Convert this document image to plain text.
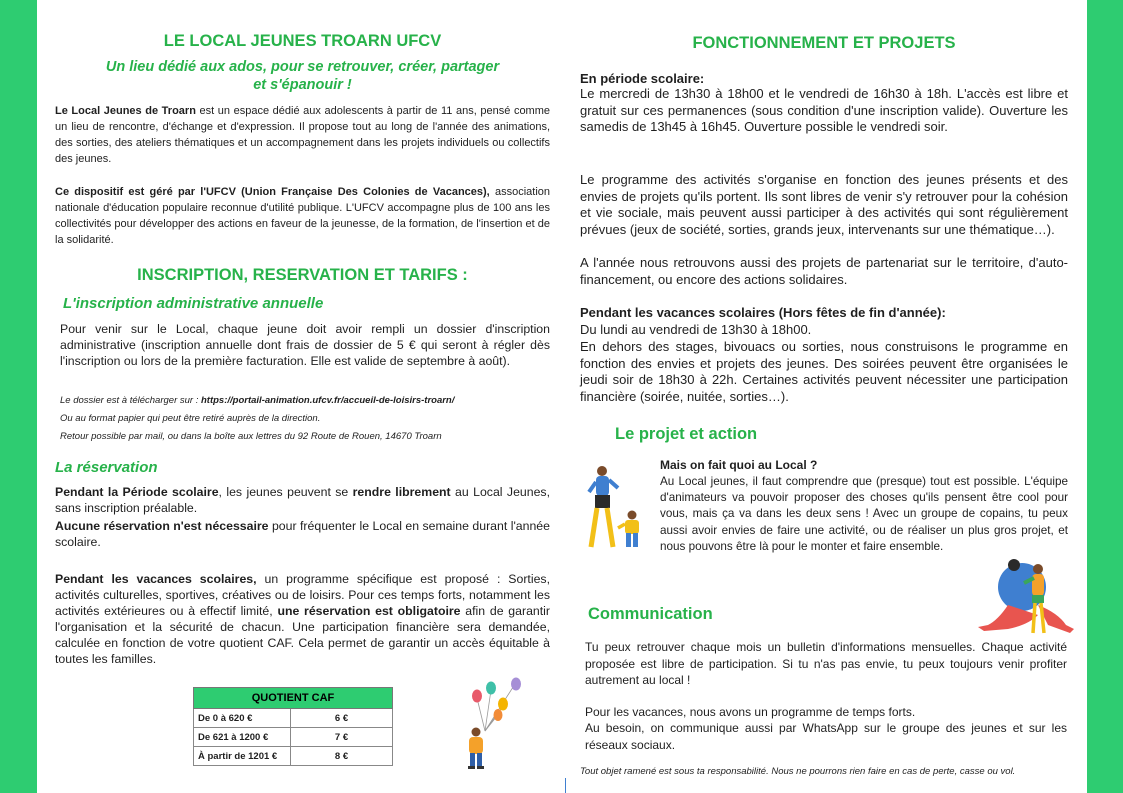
LE LOCAL JEUNES TROARN UFCV
Un lieu dédié aux ados, pour se retrouver, créer, partager
et s'épanouir !

Le Local Jeunes de Troarn est un espace dédié aux adolescents à partir de 11 ans, pensé comme un lieu de rencontre, d'échange et d'expression. Il propose tout au long de l'année des animations, des sorties, des ateliers thématiques et un accompagnement dans les projets individuels ou collectifs des jeunes.

Ce dispositif est géré par l'UFCV (Union Française Des Colonies de Vacances), association nationale d'éducation populaire reconnue d'utilité publique. L'UFCV accompagne plus de 100 ans les collectivités pour développer des actions en faveur de la jeunesse, de la formation, de l'insertion et de la solidarité.

INSCRIPTION, RESERVATION ET TARIFS :
L'inscription administrative annuelle

Pour venir sur le Local, chaque jeune doit avoir rempli un dossier d'inscription administrative (inscription annuelle dont frais de dossier de 5 € qui seront à régler dès l'inscription ou lors de la première facturation. Elle est valide de septembre à août).

Le dossier est à télécharger sur : https://portail-animation.ufcv.fr/accueil-de-loisirs-troarn/
Ou au format papier qui peut être retiré auprès de la direction.
Retour possible par mail, ou dans la boîte aux lettres du 92 Route de Rouen, 14670 Troarn
La réservation

Pendant la Période scolaire, les jeunes peuvent se rendre librement au Local Jeunes, sans inscription préalable.

Aucune réservation n'est nécessaire pour fréquenter le Local en semaine durant l'année scolaire.

Pendant les vacances scolaires, un programme spécifique est proposé : Sorties, activités culturelles, sportives, créatives ou de loisirs. Pour ces temps forts, notamment les activités extérieures ou à effectif limité, une réservation est obligatoire afin de garantir l'organisation et la sécurité de chacun. Une participation financière sera demandée, calculée en fonction de votre quotient CAF. Cela permet de garantir un accès équitable à toutes les familles.

QUOTIENT CAF	
De 0 à 620 €	6 €
De 621 à 1200 €	7 €
À partir de 1201 €	8 €
FONCTIONNEMENT ET PROJETS
En période scolaire:

Le mercredi de 13h30 à 18h00 et le vendredi de 16h30 à 18h. L'accès est libre et gratuit sur ces permanences (sous condition d'une inscription valide). Ouverture les samedis de 13h45 à 16h45. Ouverture possible le vendredi soir.

Le programme des activités s'organise en fonction des jeunes présents et des envies de projets qu'ils portent. Ils sont libres de venir s'y retrouver pour la cohésion et vie sociale, mais peuvent aussi participer à des activités qui sont régulièrement prévues (jeux de société, sorties, grands jeux, intervenants sur une thématique…).

A l'année nous retrouvons aussi des projets de partenariat sur le territoire, d'auto-financement, ou encore des actions solidaires.

Pendant les vacances scolaires (Hors fêtes de fin d'année):
Du lundi au vendredi de 13h30 à 18h00.

En dehors des stages, bivouacs ou sorties, nous construisons le programme en fonction des envies et projets des jeunes. Des soirées peuvent être organisées le jeudi soir de 18h30 à 22h. Certaines activités peuvent nécessiter une participation financière (soirée, nuitée, sorties…).

Le projet et action
Mais on fait quoi au Local ?

Au Local jeunes, il faut comprendre que (presque) tout est possible. L'équipe d'animateurs va pouvoir proposer des choses qu'ils pensent être cool pour vous, mais ça va dans les deux sens ! Avec un groupe de copains, tu peux aussi avoir envies de faire une activité, ou de réaliser un plus gros projet, et nous pouvons être là pour le monter et faire ensemble.

Communication

Tu peux retrouver chaque mois un bulletin d'informations mensuelles. Chaque activité proposée est libre de participation. Si tu n'as pas envie, tu peux toujours venir profiter autrement au local !

Pour les vacances, nous avons un programme de temps forts.

Au besoin, on communique aussi par WhatsApp sur le groupe des jeunes et sur les réseaux sociaux.

Tout objet ramené est sous ta responsabilité. Nous ne pourrons rien faire en cas de perte, casse ou vol.
